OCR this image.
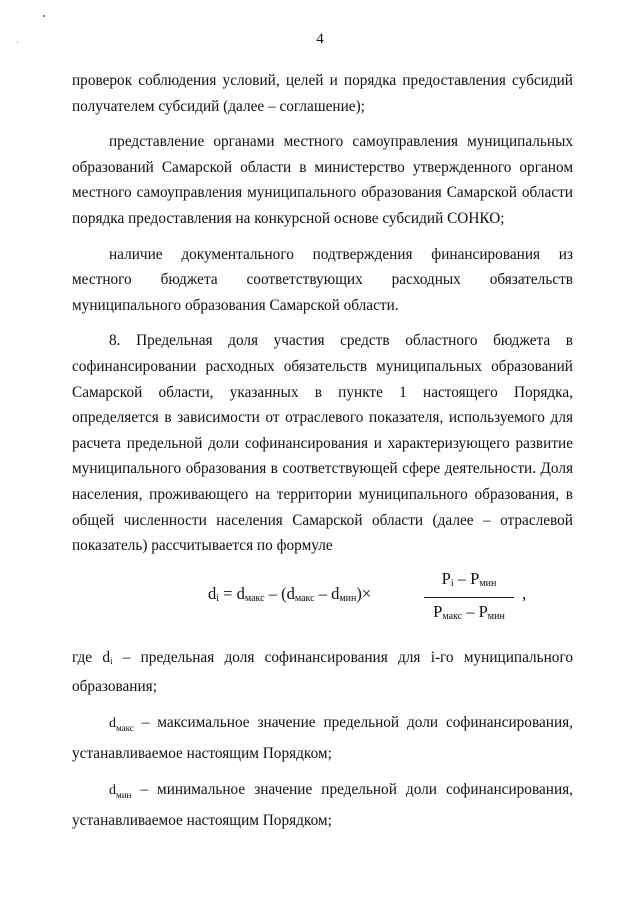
4

проверок соблюдения условий, целей и порядка предоставления субсидий получателем субсидий (далее – соглашение);

представление органами местного самоуправления муниципальных образований Самарской области в министерство утвержденного органом местного самоуправления муниципального образования Самарской области порядка предоставления на конкурсной основе субсидий СОНКО;

наличие документального подтверждения финансирования из местного бюджета соответствующих расходных обязательств муниципального образования Самарской области.

8. Предельная доля участия средств областного бюджета в софинансировании расходных обязательств муниципальных образований Самарской области, указанных в пункте 1 настоящего Порядка, определяется в зависимости от отраслевого показателя, используемого для расчета предельной доли софинансирования и характеризующего развитие муниципального образования в соответствующей сфере деятельности. Доля населения, проживающего на территории муниципального образования, в общей численности населения Самарской области (далее – отраслевой показатель) рассчитывается по формуле

$d_i = d_{макс} - (d_{макс} - d_{мин})\times$
$P_i - P_{мин}$
$P_{макс} - P_{мин}$
,

где $d_i$ – предельная доля софинансирования для i-го муниципального образования;

$d_{макс}$ – максимальное значение предельной доли софинансирования, устанавливаемое настоящим Порядком;

$d_{мин}$ – минимальное значение предельной доли софинансирования, устанавливаемое настоящим Порядком;
